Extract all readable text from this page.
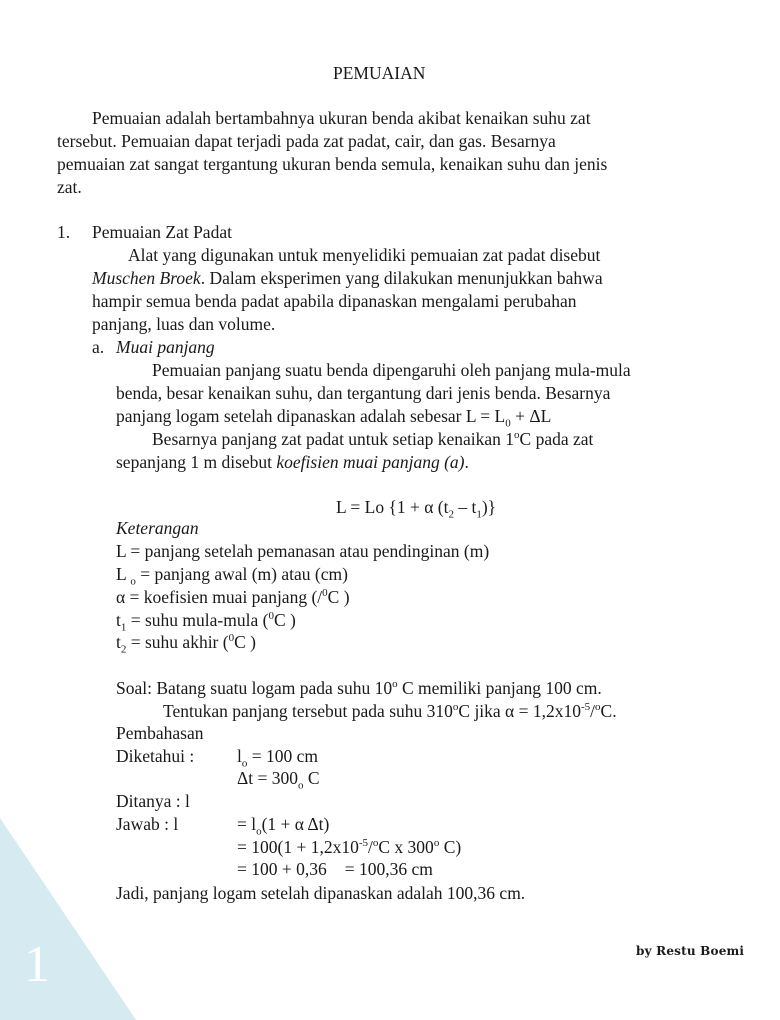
PEMUAIAN
Pemuaian adalah bertambahnya ukuran benda akibat kenaikan suhu zat
tersebut. Pemuaian dapat terjadi pada zat padat, cair, dan gas. Besarnya
pemuaian zat sangat tergantung ukuran benda semula, kenaikan suhu dan jenis
zat.
1. Pemuaian Zat Padat
Alat yang digunakan untuk menyelidiki pemuaian zat padat disebut
Muschen Broek. Dalam eksperimen yang dilakukan menunjukkan bahwa
hampir semua benda padat apabila dipanaskan mengalami perubahan
panjang, luas dan volume.
a. Muai panjang
Pemuaian panjang suatu benda dipengaruhi oleh panjang mula-mula
benda, besar kenaikan suhu, dan tergantung dari jenis benda. Besarnya
panjang logam setelah dipanaskan adalah sebesar $L = L_0 + \Delta L$
Besarnya panjang zat padat untuk setiap kenaikan 1$^o$C pada zat
sepanjang 1 m disebut koefisien muai panjang (a).
L = Lo {1 + α $(t_2 - t_1)$}
Keterangan
L = panjang setelah pemanasan atau pendinginan (m)
L $_o$ = panjang awal (m) atau (cm)
α = koefisien muai panjang (/$^0$C )
$t_1$ = suhu mula-mula ($^0$C )
$t_2$ = suhu akhir ($^0$C )
Soal: Batang suatu logam pada suhu 10$^o$ C memiliki panjang 100 cm.
Tentukan panjang tersebut pada suhu 310$^o$C jika $\alpha = 1,2x10^{-5}/^oC$.
Pembahasan
Diketahui : $l_o = 100$ cm
$\Delta t = 300_o$ C
Ditanya : l
Jawab : l	= $l_o(1 + \alpha$ Δt)
= $100(1 + 1,2x10^{-5}/^oC$ x 300$^o$ C)
= 100 + 0,36 = 100,36 cm
Jadi, panjang logam setelah dipanaskan adalah 100,36 cm.
1	by Restu Boemi
